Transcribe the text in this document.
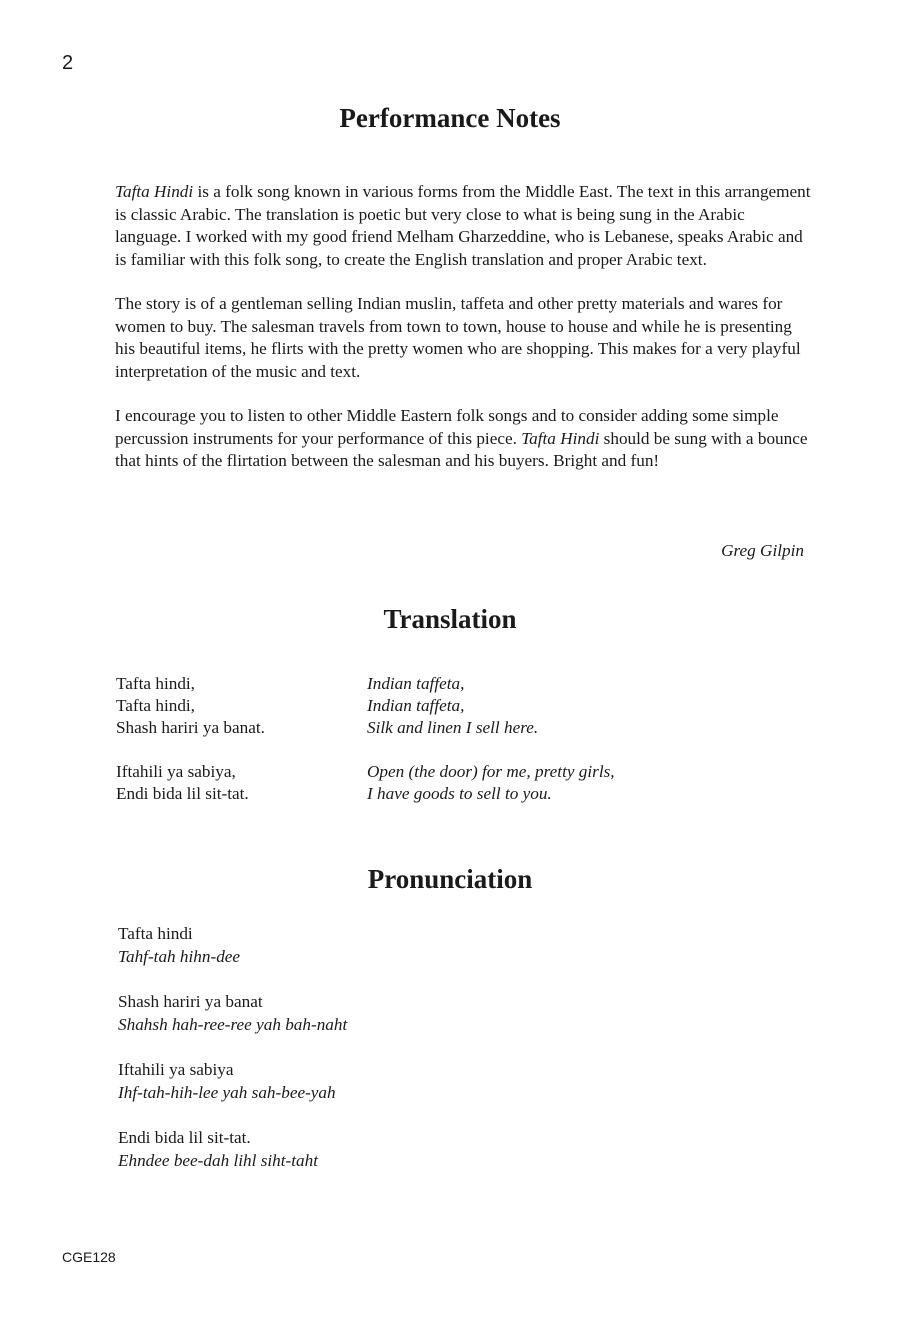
2
Performance Notes

Tafta Hindi is a folk song known in various forms from the Middle East. The text in this arrangement is classic Arabic. The translation is poetic but very close to what is being sung in the Arabic language. I worked with my good friend Melham Gharzeddine, who is Lebanese, speaks Arabic and is familiar with this folk song, to create the English translation and proper Arabic text.

The story is of a gentleman selling Indian muslin, taffeta and other pretty materials and wares for women to buy. The salesman travels from town to town, house to house and while he is presenting his beautiful items, he flirts with the pretty women who are shopping. This makes for a very playful interpretation of the music and text.

I encourage you to listen to other Middle Eastern folk songs and to consider adding some simple percussion instruments for your performance of this piece. Tafta Hindi should be sung with a bounce that hints of the flirtation between the salesman and his buyers. Bright and fun!

Greg Gilpin
Translation
Tafta hindi,	Indian taffeta,
Tafta hindi,	Indian taffeta,
Shash hariri ya banat.	Silk and linen I sell here.
Iftahili ya sabiya,	Open (the door) for me, pretty girls,
Endi bida lil sit-tat.	I have goods to sell to you.
Pronunciation
Tafta hindi
Tahf-tah hihn-dee
Shash hariri ya banat
Shahsh hah-ree-ree yah bah-naht
Iftahili ya sabiya
Ihf-tah-hih-lee yah sah-bee-yah
Endi bida lil sit-tat.
Ehndee bee-dah lihl siht-taht
CGE128
